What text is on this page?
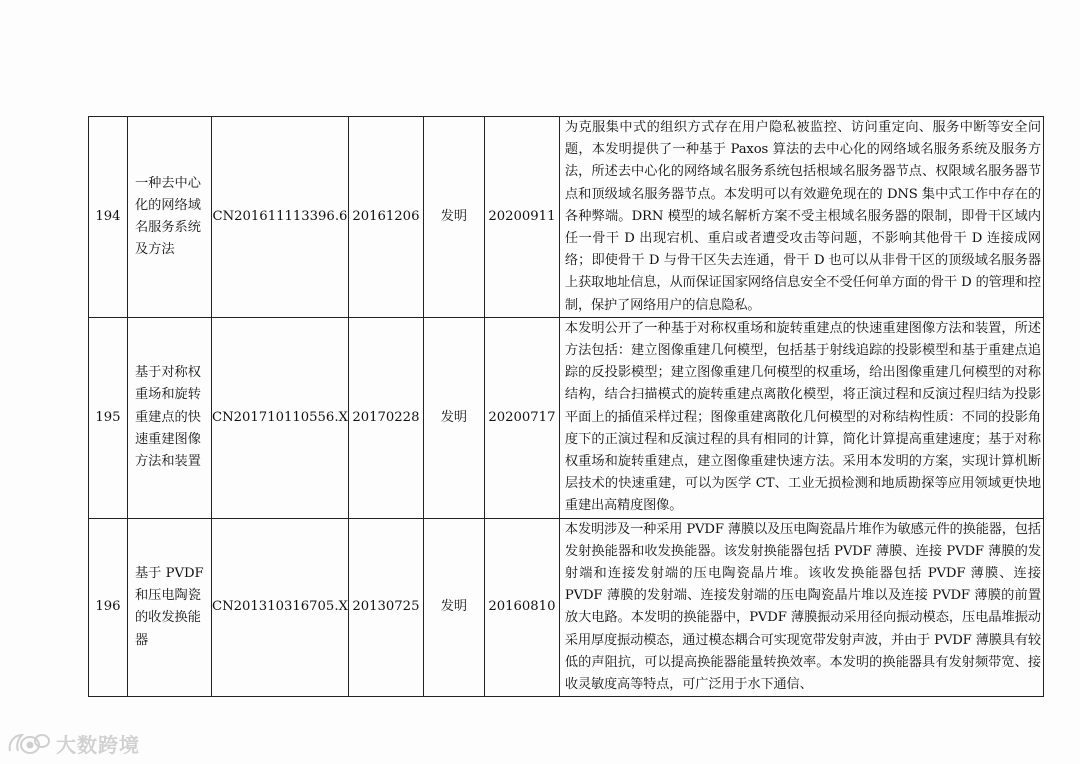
194	一种去中心化的网络域名服务系统及方法	CN201611113396.6	20161206	发明	20200911	为克服集中式的组织方式存在用户隐私被监控、访问重定向、服务中断等安全问题，本发明提供了一种基于 Paxos 算法的去中心化的网络域名服务系统及服务方法，所述去中心化的网络域名服务系统包括根域名服务器节点、权限域名服务器节点和顶级域名服务器节点。本发明可以有效避免现在的 DNS 集中式工作中存在的各种弊端。DRN 模型的域名解析方案不受主根域名服务器的限制，即骨干区域内任一骨干 D 出现宕机、重启或者遭受攻击等问题，不影响其他骨干 D 连接成网络；即使骨干 D 与骨干区失去连通，骨干 D 也可以从非骨干区的顶级域名服务器上获取地址信息，从而保证国家网络信息安全不受任何单方面的骨干 D 的管理和控制，保护了网络用户的信息隐私。
195	基于对称权重场和旋转重建点的快速重建图像方法和装置	CN201710110556.X	20170228	发明	20200717	本发明公开了一种基于对称权重场和旋转重建点的快速重建图像方法和装置，所述方法包括：建立图像重建几何模型，包括基于射线追踪的投影模型和基于重建点追踪的反投影模型；建立图像重建几何模型的权重场，给出图像重建几何模型的对称结构，结合扫描模式的旋转重建点离散化模型，将正演过程和反演过程归结为投影平面上的插值采样过程；图像重建离散化几何模型的对称结构性质：不同的投影角度下的正演过程和反演过程的具有相同的计算，简化计算提高重建速度；基于对称权重场和旋转重建点，建立图像重建快速方法。采用本发明的方案，实现计算机断层技术的快速重建，可以为医学 CT、工业无损检测和地质勘探等应用领域更快地重建出高精度图像。
196	基于 PVDF 和压电陶瓷的收发换能器	CN201310316705.X	20130725	发明	20160810	本发明涉及一种采用 PVDF 薄膜以及压电陶瓷晶片堆作为敏感元件的换能器，包括发射换能器和收发换能器。该发射换能器包括 PVDF 薄膜、连接 PVDF 薄膜的发射端和连接发射端的压电陶瓷晶片堆。该收发换能器包括 PVDF 薄膜、连接 PVDF 薄膜的发射端、连接发射端的压电陶瓷晶片堆以及连接 PVDF 薄膜的前置放大电路。本发明的换能器中，PVDF 薄膜振动采用径向振动模态，压电晶堆振动采用厚度振动模态，通过模态耦合可实现宽带发射声波，并由于 PVDF 薄膜具有较低的声阻抗，可以提高换能器能量转换效率。本发明的换能器具有发射频带宽、接收灵敏度高等特点，可广泛用于水下通信、
大数跨境
